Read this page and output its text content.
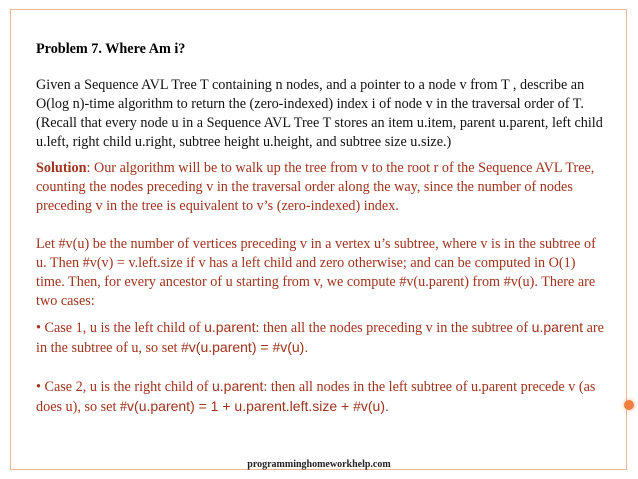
Problem 7. Where Am i?

Given a Sequence AVL Tree T containing n nodes, and a pointer to a node v from T , describe an O(log n)-time algorithm to return the (zero-indexed) index i of node v in the traversal order of T. (Recall that every node u in a Sequence AVL Tree T stores an item u.item, parent u.parent, left child u.left, right child u.right, subtree height u.height, and subtree size u.size.)

Solution: Our algorithm will be to walk up the tree from v to the root r of the Sequence AVL Tree, counting the nodes preceding v in the traversal order along the way, since the number of nodes preceding v in the tree is equivalent to v’s (zero-indexed) index.

Let #v(u) be the number of vertices preceding v in a vertex u’s subtree, where v is in the subtree of u. Then #v(v) = v.left.size if v has a left child and zero otherwise; and can be computed in O(1) time. Then, for every ancestor of u starting from v, we compute #v(u.parent) from #v(u). There are two cases:

• Case 1, u is the left child of u.parent: then all the nodes preceding v in the subtree of u.parent are in the subtree of u, so set #v(u.parent) = #v(u).

• Case 2, u is the right child of u.parent: then all nodes in the left subtree of u.parent precede v (as does u), so set #v(u.parent) = 1 + u.parent.left.size + #v(u).

programminghomeworkhelp.com
